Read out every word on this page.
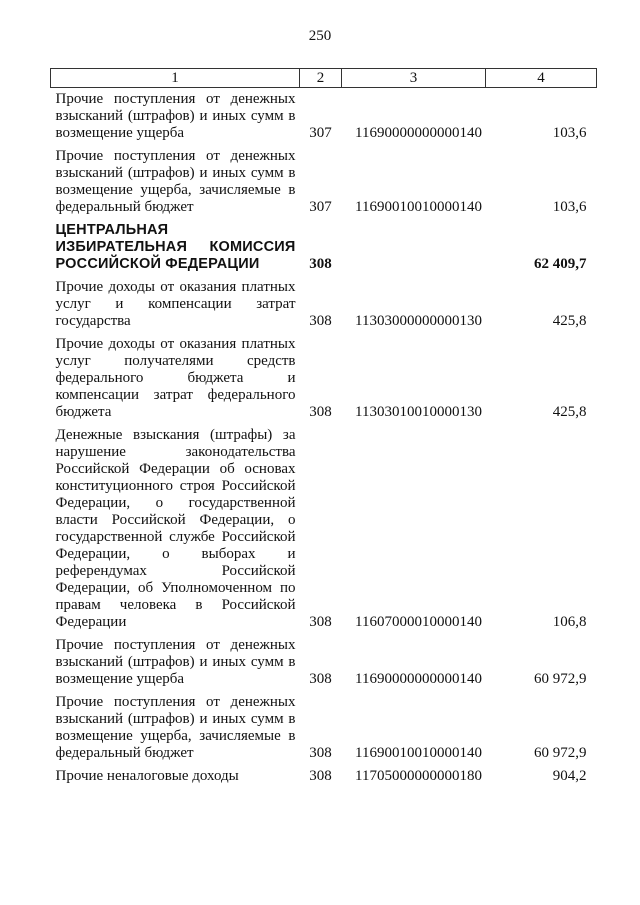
250
1	2	3	4
Прочие поступления от денежных взысканий (штрафов) и иных сумм в возмещение ущерба	307	11690000000000140	103,6
Прочие поступления от денежных взысканий (штрафов) и иных сумм в возмещение ущерба, зачисляемые в федеральный бюджет	307	11690010010000140	103,6
ЦЕНТРАЛЬНАЯ ИЗБИРАТЕЛЬНАЯ КОМИССИЯ РОССИЙСКОЙ ФЕДЕРАЦИИ	308		62 409,7
Прочие доходы от оказания платных услуг и компенсации затрат государства	308	11303000000000130	425,8
Прочие доходы от оказания платных услуг получателями средств федерального бюджета и компенсации затрат федерального бюджета	308	11303010010000130	425,8
Денежные взыскания (штрафы) за нарушение законодательства Российской Федерации об основах конституционного строя Российской Федерации, о государственной власти Российской Федерации, о государственной службе Российской Федерации, о выборах и референдумах Российской Федерации, об Уполномоченном по правам человека в Российской Федерации	308	11607000010000140	106,8
Прочие поступления от денежных взысканий (штрафов) и иных сумм в возмещение ущерба	308	11690000000000140	60 972,9
Прочие поступления от денежных взысканий (штрафов) и иных сумм в возмещение ущерба, зачисляемые в федеральный бюджет	308	11690010010000140	60 972,9
Прочие неналоговые доходы	308	11705000000000180	904,2
